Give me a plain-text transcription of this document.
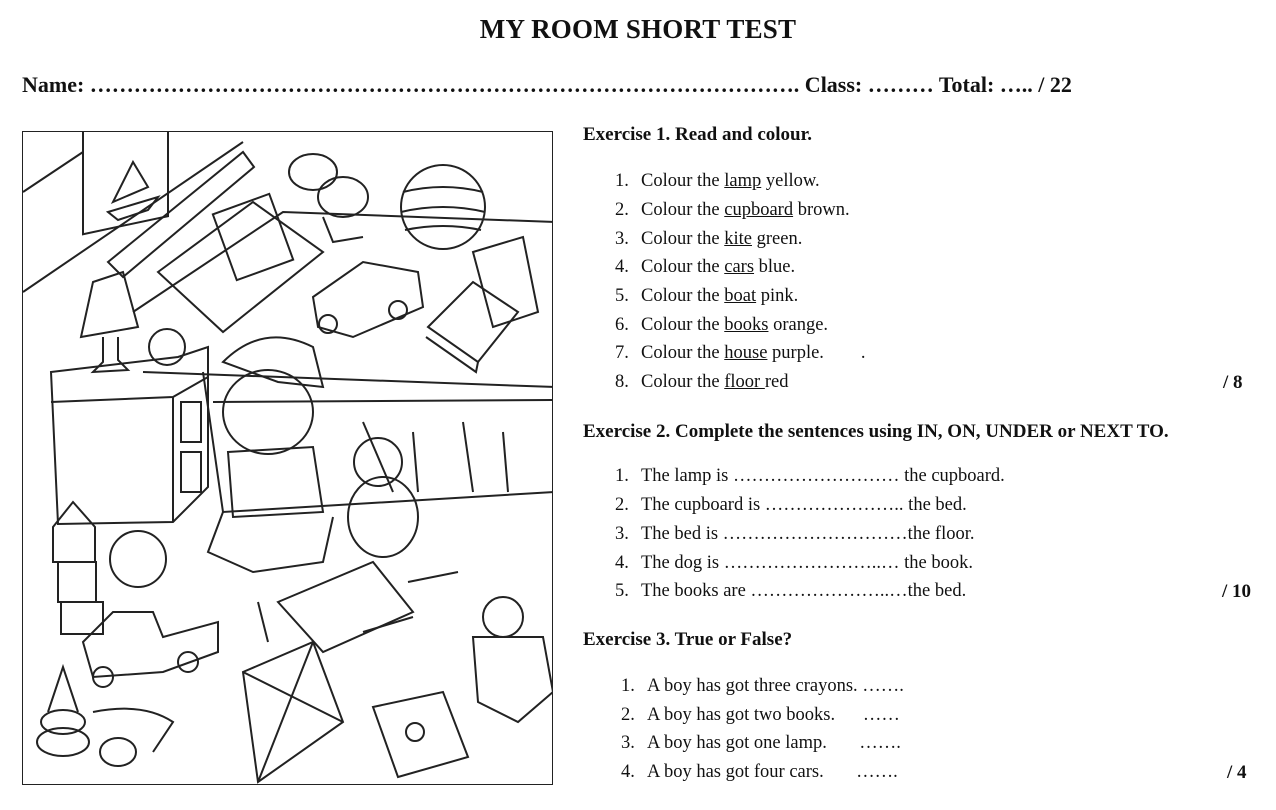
MY ROOM SHORT TEST
Name: ……………………………………………………………………………………. Class: ……… Total: ….. / 22
Exercise 1. Read and colour.
1. Colour the lamp yellow.
2. Colour the cupboard brown.
3. Colour the kite green.
4. Colour the cars blue.
5. Colour the boat pink.
6. Colour the books orange.
7. Colour the house purple.        .
8. Colour the floor red	/ 8
Exercise 2. Complete the sentences using IN, ON, UNDER or NEXT TO.
1. The lamp is ……………………… the cupboard.
2. The cupboard is ………………….. the bed.
3. The bed is …………………………the floor.
4. The dog is ……………………..… the book.
5. The books are …………………..…the bed.	/ 10
Exercise 3. True or False?
1. A boy has got three crayons. …….
2. A boy has got two books.      ……
3. A boy has got one lamp.       …….
4. A boy has got four cars.       …….	/ 4
